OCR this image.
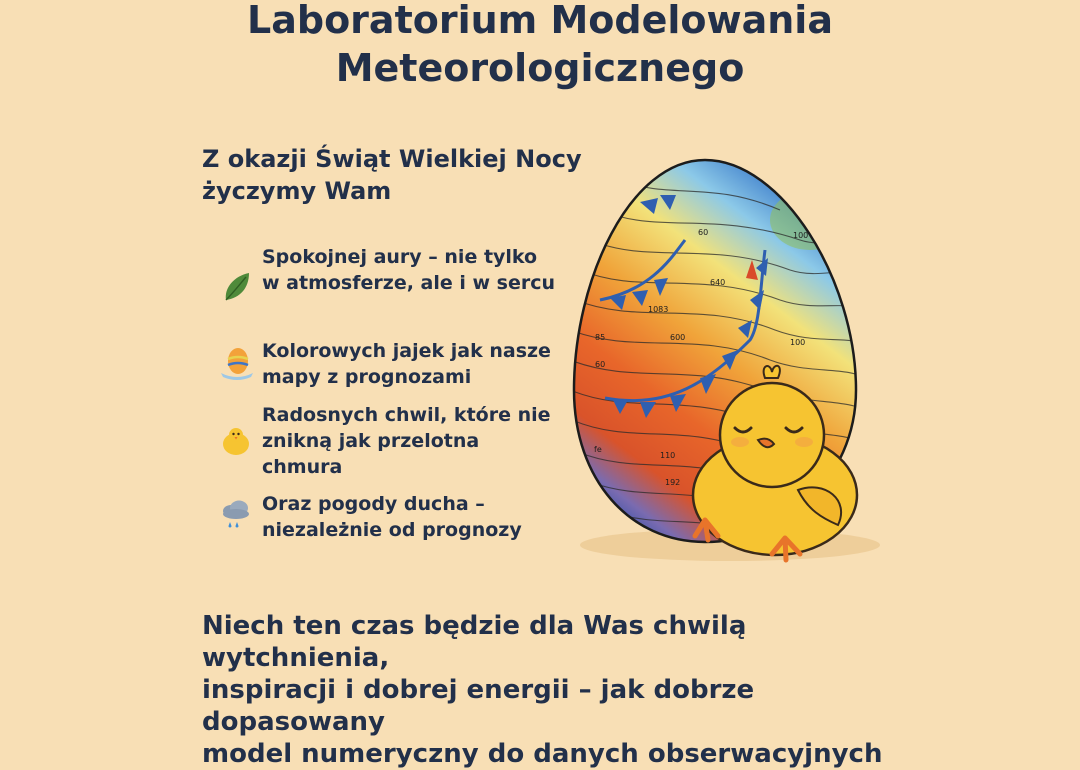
Laboratorium Modelowania
Meteorologicznego
Z okazji Świąt Wielkiej Nocy
życzymy Wam
Spokojnej aury – nie tylko
w atmosferze, ale i w sercu
Kolorowych jajek jak nasze
mapy z prognozami
Radosnych chwil, które nie
znikną jak przelotna
chmura
Oraz pogody ducha –
niezależnie od prognozy
60
640
100
1083
600
85
60
fe
110
192
100
Niech ten czas będzie dla Was chwilą wytchnienia,
inspiracji i dobrej energii – jak dobrze dopasowany
model numeryczny do danych obserwacyjnych
